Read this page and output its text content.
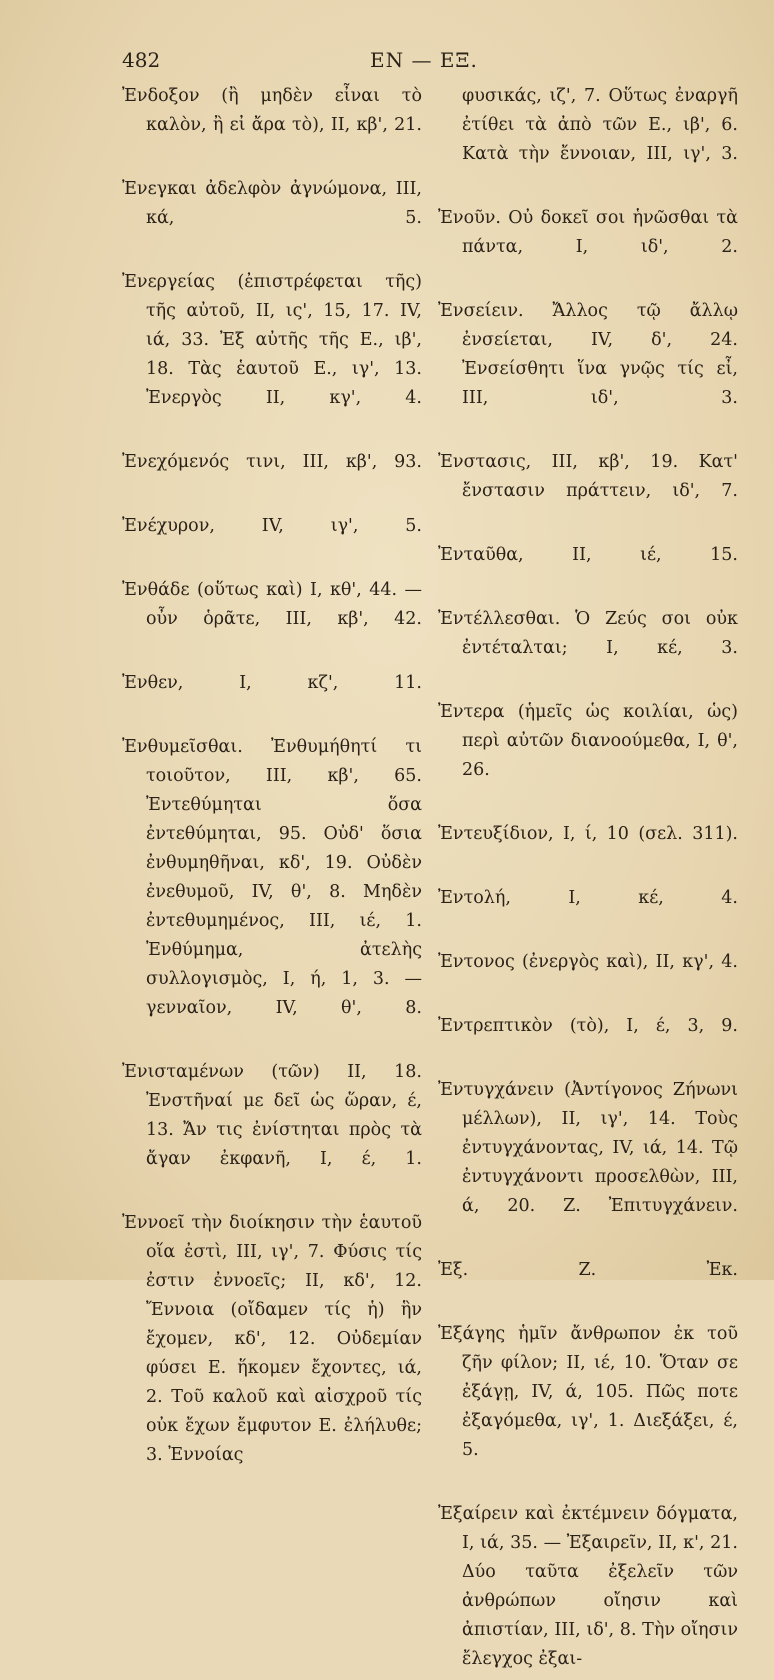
482	ΕΝ — ΕΞ.

Ἐνδοξον (ἢ μηδὲν εἶναι τὸ καλὸν, ἢ εἰ ἄρα τὸ), II, κβ', 21.

Ἐνεγκαι ἀδελφὸν ἀγνώμονα, III, κά, 5.

Ἐνεργείας (ἐπιστρέφεται τῆς) τῆς αὐτοῦ, II, ις', 15, 17. IV, ιά, 33. Ἐξ αὐτῆς τῆς Ε., ιβ', 18. Τὰς ἑαυτοῦ Ε., ιγ', 13. Ἐνεργὸς II, κγ', 4.

Ἐνεχόμενός τινι, III, κβ', 93.

Ἐνέχυρον, IV, ιγ', 5.

Ἐνθάδε (οὕτως καὶ) I, κθ', 44. — οὖν ὁρᾶτε, III, κβ', 42.

Ἐνθεν, I, κζ', 11.

Ἐνθυμεῖσθαι. Ἐνθυμήθητί τι τοιοῦτον, III, κβ', 65. Ἐντεθύμηται ὅσα ἐντεθύμηται, 95. Οὐδ' ὅσια ἐνθυμηθῆναι, κδ', 19. Οὐδὲν ἐνεθυμοῦ, IV, θ', 8. Μηδὲν ἐντεθυμημένος, III, ιέ, 1. Ἐνθύμημα, ἀτελὴς συλλογισμὸς, I, ή, 1, 3. — γενναῖον, IV, θ', 8.

Ἐνισταμένων (τῶν) II, 18. Ἐνστῆναί με δεῖ ὡς ὥραν, έ, 13. Ἄν τις ἐνίστηται πρὸς τὰ ἄγαν ἐκφανῆ, I, έ, 1.

Ἐννοεῖ τὴν διοίκησιν τὴν ἑαυτοῦ οἵα ἐστὶ, III, ιγ', 7. Φύσις τίς ἐστιν ἐννοεῖς; II, κδ', 12. Ἔννοια (οἴδαμεν τίς ἡ) ἣν ἔχομεν, κδ', 12. Οὐδεμίαν φύσει Ε. ἥκομεν ἔχοντες, ιά, 2. Τοῦ καλοῦ καὶ αἰσχροῦ τίς οὐκ ἔχων ἔμφυτον Ε. ἐλήλυθε; 3. Ἐννοίας

φυσικάς, ιζ', 7. Οὕτως ἐναργῆ ἐτίθει τὰ ἀπὸ τῶν Ε., ιβ', 6. Κατὰ τὴν ἔννοιαν, III, ιγ', 3.

Ἐνοῦν. Οὐ δοκεῖ σοι ἡνῶσθαι τὰ πάντα, I, ιδ', 2.

Ἐνσείειν. Ἄλλος τῷ ἄλλῳ ἐνσείεται, IV, δ', 24. Ἐνσείσθητι ἵνα γνῷς τίς εἶ, III, ιδ', 3.

Ἐνστασις, III, κβ', 19. Κατ' ἔνστασιν πράττειν, ιδ', 7.

Ἐνταῦθα, II, ιέ, 15.

Ἐντέλλεσθαι. Ὁ Ζεύς σοι οὐκ ἐντέταλται; I, κέ, 3.

Ἐντερα (ἡμεῖς ὡς κοιλίαι, ὡς) περὶ αὐτῶν διανοούμεθα, I, θ', 26.

Ἐντευξίδιον, I, ί, 10 (σελ. 311).

Ἐντολή, I, κέ, 4.

Ἐντονος (ἐνεργὸς καὶ), II, κγ', 4.

Ἐντρεπτικὸν (τὸ), I, έ, 3, 9.

Ἐντυγχάνειν (Ἀντίγονος Ζήνωνι μέλλων), II, ιγ', 14. Τοὺς ἐντυγχάνοντας, IV, ιά, 14. Τῷ ἐντυγχάνοντι προσελθὼν, III, ά, 20. Ζ. Ἐπιτυγχάνειν.

Ἐξ. Ζ. Ἐκ.

Ἐξάγης ἡμῖν ἄνθρωπον ἐκ τοῦ ζῆν φίλον; II, ιέ, 10. Ὅταν σε ἐξάγῃ, IV, ά, 105. Πῶς ποτε ἐξαγόμεθα, ιγ', 1. Διεξάξει, έ, 5.

Ἐξαίρειν καὶ ἐκτέμνειν δόγματα, I, ιά, 35. — Ἐξαιρεῖν, II, κ', 21. Δύο ταῦτα ἐξελεῖν τῶν ἀνθρώπων οἴησιν καὶ ἀπιστίαν, III, ιδ', 8. Τὴν οἴησιν ἔλεγχος ἐξαι-
